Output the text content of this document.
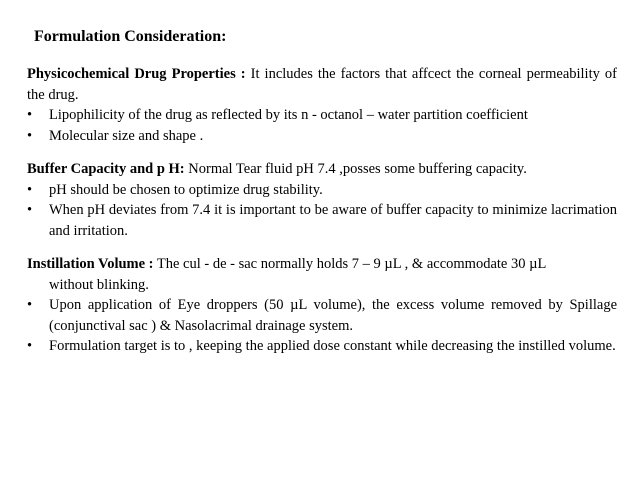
Formulation Consideration:

Physicochemical Drug Properties : It includes the factors that affcect the corneal permeability of the drug.

•	Lipophilicity of the drug as reflected by its n - octanol – water partition coefficient
•	Molecular size and shape .

Buffer Capacity and p H: Normal Tear fluid pH 7.4 ,posses some buffering capacity.

•	pH should be chosen to optimize drug stability.
•	When pH deviates from 7.4 it is important to be aware of buffer capacity to minimize lacrimation and irritation.

Instillation Volume : The cul - de - sac normally holds 7 – 9 µL , & accommodate 30 µL

without blinking.

•	Upon application of Eye droppers (50 µL volume), the excess volume removed by Spillage (conjunctival sac ) & Nasolacrimal drainage system.
•	Formulation target is to , keeping the applied dose constant while decreasing the instilled volume.
